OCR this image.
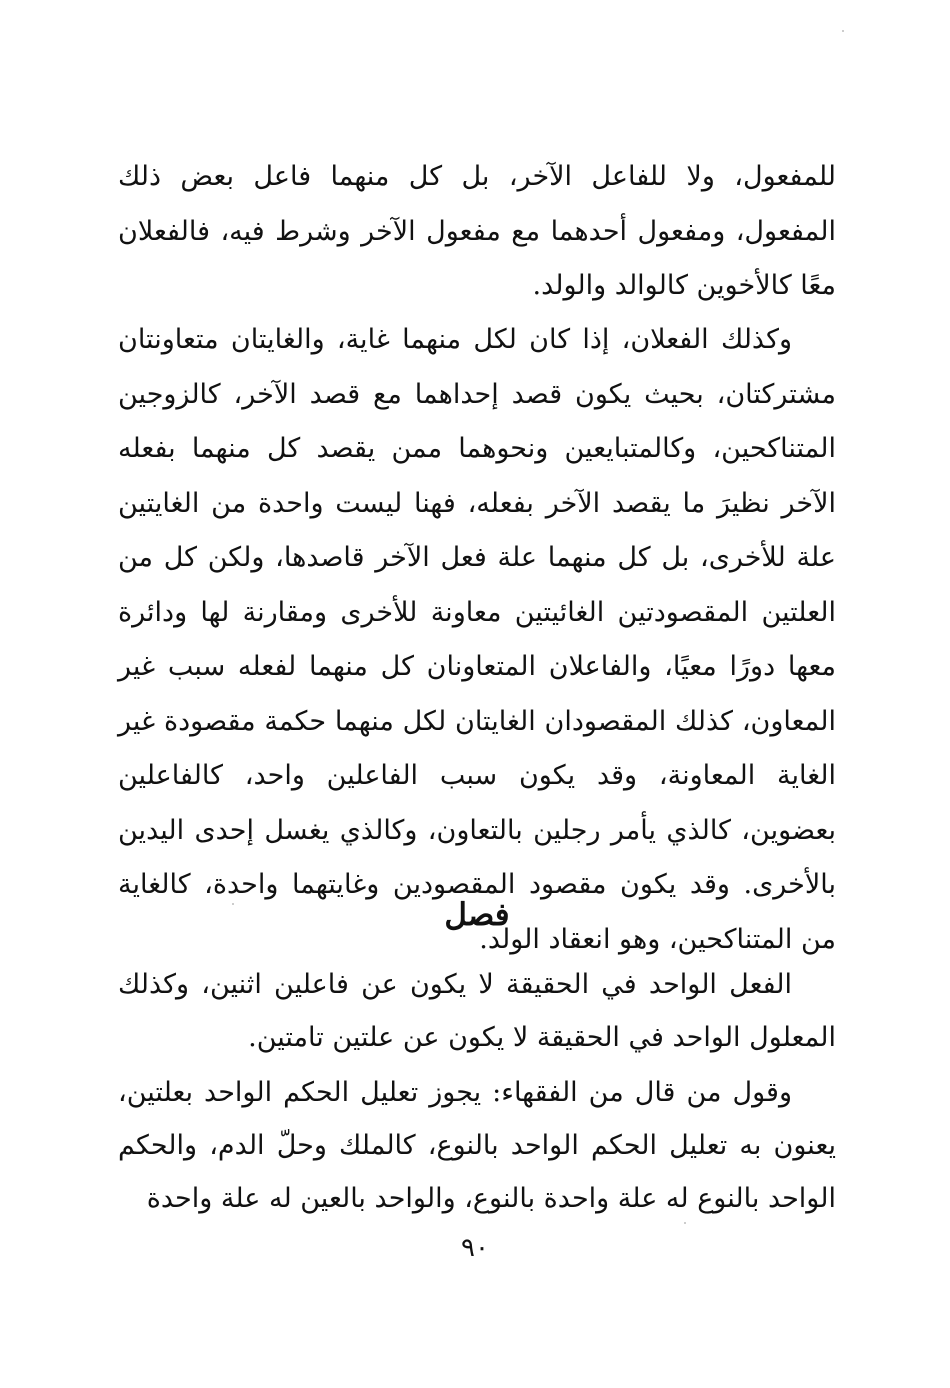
للمفعول، ولا للفاعل الآخر، بل كل منهما فاعل بعض ذلك المفعول، ومفعول أحدهما مع مفعول الآخر وشرط فيه، فالفعلان معًا كالأخوين كالوالد والولد.

وكذلك الفعلان، إذا كان لكل منهما غاية، والغايتان متعاونتان مشتركتان، بحيث يكون قصد إحداهما مع قصد الآخر، كالزوجين المتناكحين، وكالمتبايعين ونحوهما ممن يقصد كل منهما بفعله الآخر نظيرَ ما يقصد الآخر بفعله، فهنا ليست واحدة من الغايتين علة للأخرى، بل كل منهما علة فعل الآخر قاصدها، ولكن كل من العلتين المقصودتين الغائيتين معاونة للأخرى ومقارنة لها ودائرة معها دورًا معيًا، والفاعلان المتعاونان كل منهما لفعله سبب غير المعاون، كذلك المقصودان الغايتان لكل منهما حكمة مقصودة غير الغاية المعاونة، وقد يكون سبب الفاعلين واحد، كالفاعلين بعضوين، كالذي يأمر رجلين بالتعاون، وكالذي يغسل إحدى اليدين بالأخرى. وقد يكون مقصود المقصودين وغايتهما واحدة، كالغاية من المتناكحين، وهو انعقاد الولد.

فصل

الفعل الواحد في الحقيقة لا يكون عن فاعلين اثنين، وكذلك المعلول الواحد في الحقيقة لا يكون عن علتين تامتين.

وقول من قال من الفقهاء: يجوز تعليل الحكم الواحد بعلتين، يعنون به تعليل الحكم الواحد بالنوع، كالملك وحلّ الدم، والحكم الواحد بالنوع له علة واحدة بالنوع، والواحد بالعين له علة واحدة

٩٠
